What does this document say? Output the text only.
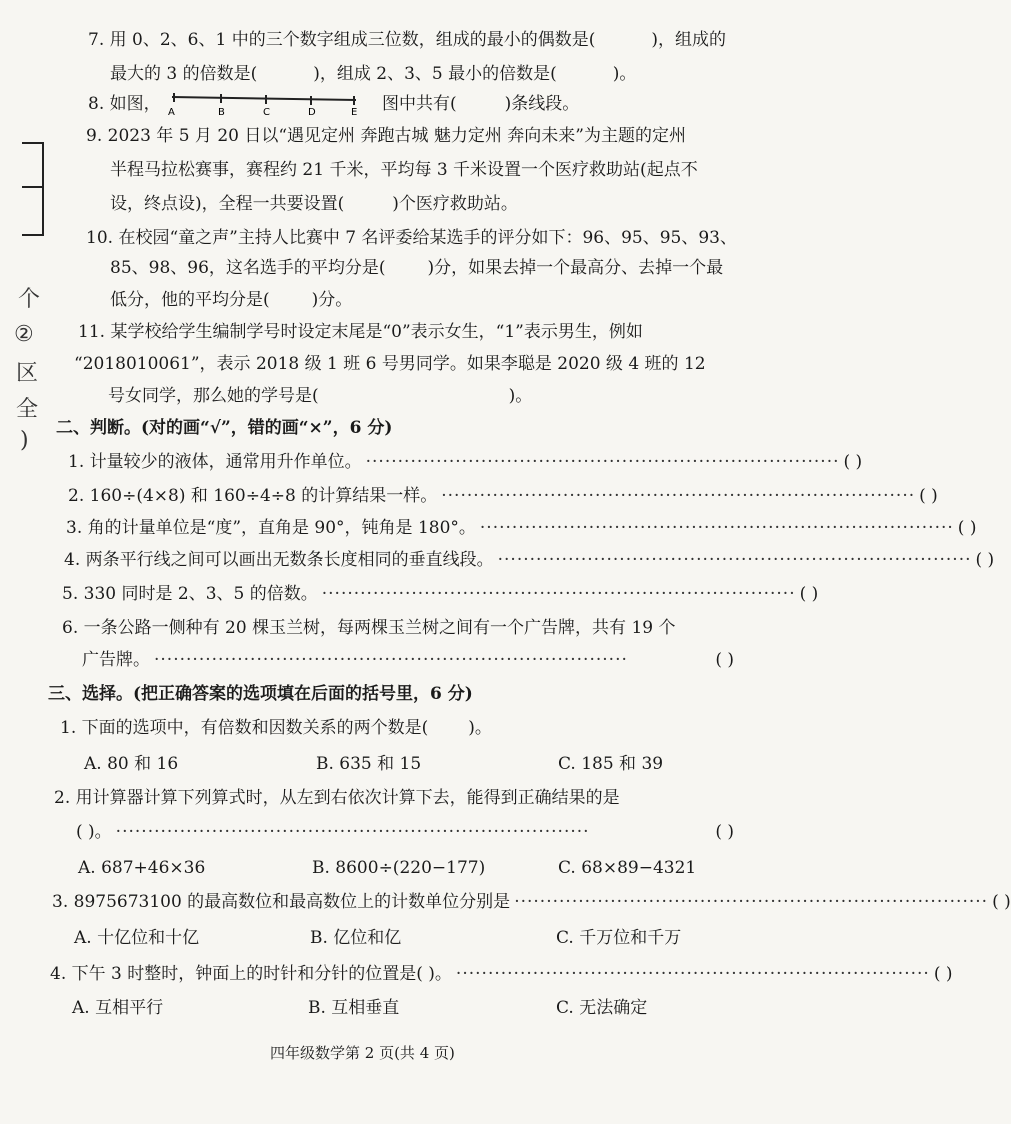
个
②
区
全
)
7. 用 0、2、6、1 中的三个数字组成三位数，组成的最小的偶数是(	)，组成的
最大的 3 的倍数是(	)，组成 2、3、5 最小的倍数是(	)。
8. 如图， A	B	C	D	E 图中共有(	)条线段。
9. 2023 年 5 月 20 日以“遇见定州 奔跑古城 魅力定州 奔向未来”为主题的定州
半程马拉松赛事，赛程约 21 千米，平均每 3 千米设置一个医疗救助站(起点不
设，终点设)，全程一共要设置(	)个医疗救助站。
10. 在校园“童之声”主持人比赛中 7 名评委给某选手的评分如下：96、95、95、93、
85、98、96，这名选手的平均分是( )分，如果去掉一个最高分、去掉一个最
低分，他的平均分是( )分。
11. 某学校给学生编制学号时设定末尾是“0”表示女生，“1”表示男生，例如
“2018010061”，表示 2018 级 1 班 6 号男同学。如果李聪是 2020 级 4 班的 12
号女同学，那么她的学号是(	)。
二、判断。(对的画“√”，错的画“×”，6 分)
1. 计量较少的液体，通常用升作单位。 ·········································································· ( )
2. 160÷(4×8) 和 160÷4÷8 的计算结果一样。 ·········································································· ( )
3. 角的计量单位是“度”，直角是 90°，钝角是 180°。 ·········································································· ( )
4. 两条平行线之间可以画出无数条长度相同的垂直线段。 ·········································································· ( )
5. 330 同时是 2、3、5 的倍数。 ·········································································· ( )
6. 一条公路一侧种有 20 棵玉兰树，每两棵玉兰树之间有一个广告牌，共有 19 个
广告牌。 ··········································································	( )
三、选择。(把正确答案的选项填在后面的括号里，6 分)
1. 下面的选项中，有倍数和因数关系的两个数是( )。
A. 80 和 16	B. 635 和 15	C. 185 和 39
2. 用计算器计算下列算式时，从左到右依次计算下去，能得到正确结果的是
( )。 ··········································································	( )
A. 687+46×36	B. 8600÷(220−177)	C. 68×89−4321
3. 8975673100 的最高数位和最高数位上的计数单位分别是 ·········································································· ( )
A. 十亿位和十亿	B. 亿位和亿	C. 千万位和千万
4. 下午 3 时整时，钟面上的时针和分针的位置是( )。 ·········································································· ( )
A. 互相平行	B. 互相垂直	C. 无法确定
四年级数学第 2 页(共 4 页)
